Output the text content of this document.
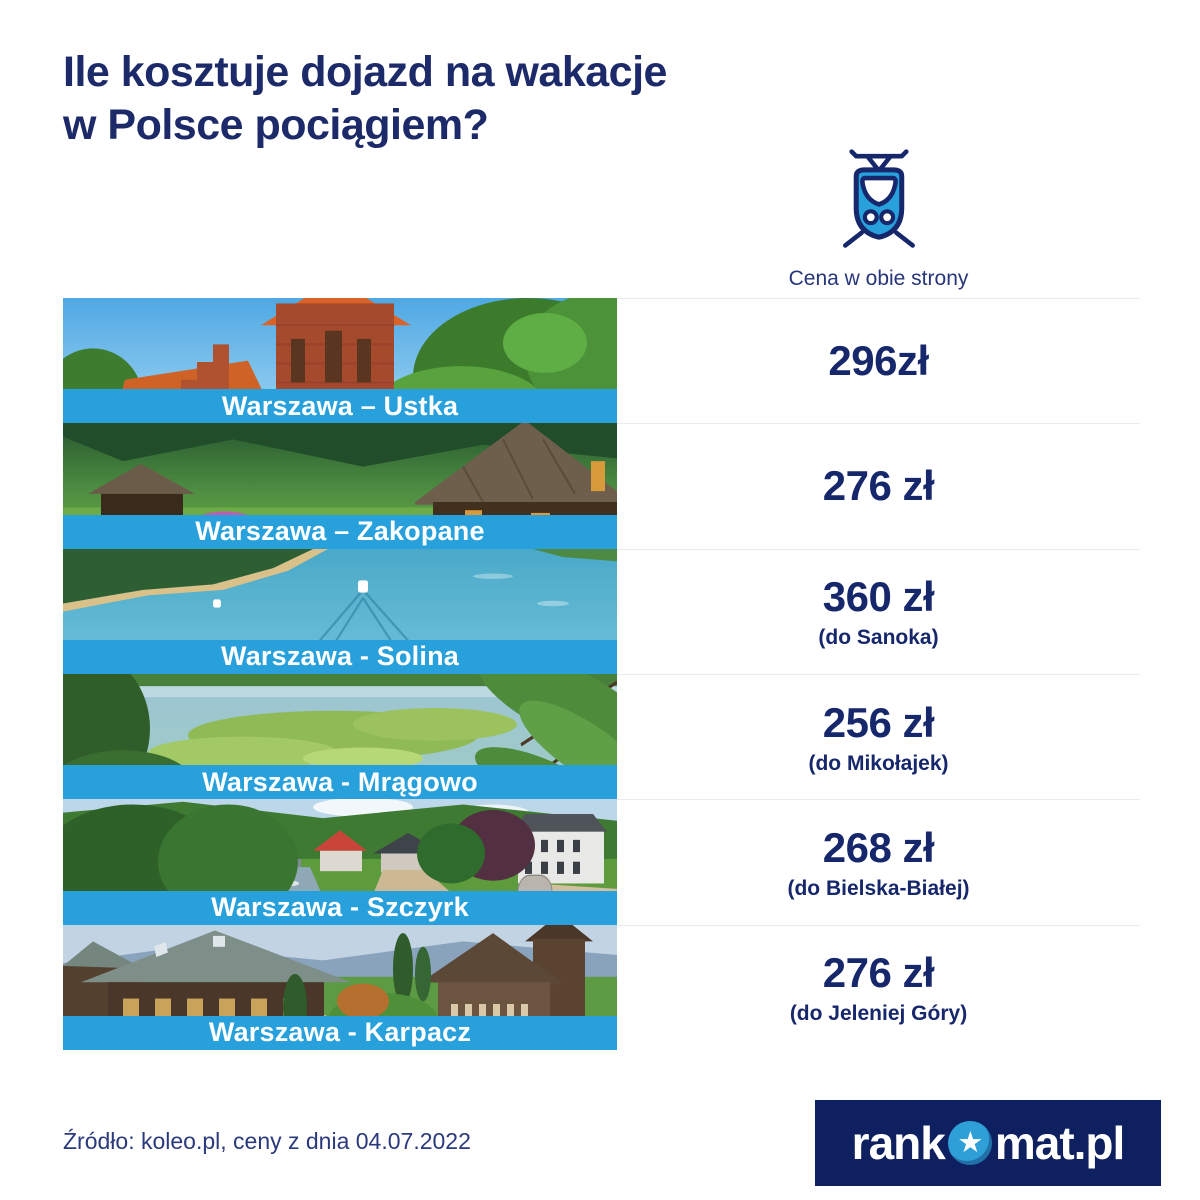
Ile kosztuje dojazd na wakacje
w Polsce pociągiem?
Cena w obie strony
Warszawa – Ustka
Warszawa – Zakopane
Warszawa - Solina
Warszawa - Mrągowo
Warszawa - Szczyrk
Warszawa - Karpacz
296zł
276 zł
360 zł
(do Sanoka)
256 zł
(do Mikołajek)
268 zł
(do Bielska-Białej)
276 zł
(do Jeleniej Góry)
Źródło: koleo.pl, ceny z dnia 04.07.2022	rank ★ mat.pl
